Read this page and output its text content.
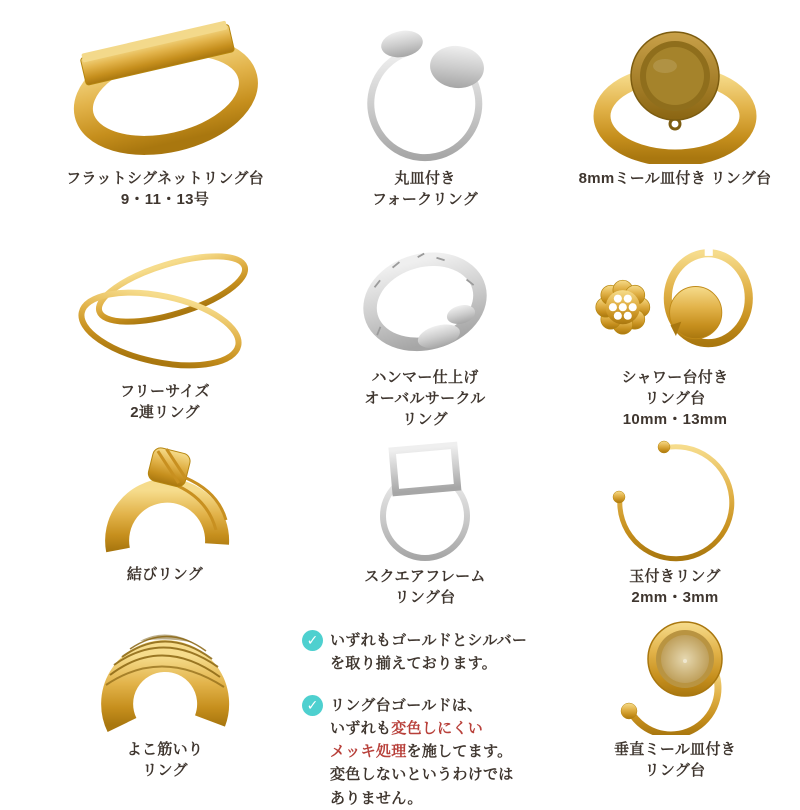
フラットシグネットリング台
9・11・13号
丸皿付き
フォークリング
8mmミール皿付き リング台
フリーサイズ
2連リング
ハンマー仕上げ
オーバルサークル
リング
シャワー台付き
リング台
10mm・13mm
結びリング	スクエアフレーム
リング台
玉付きリング
2mm・3mm
よこ筋いり
リング
✓ いずれもゴールドとシルバー
を取り揃えております。

✓ リング台ゴールドは、
いずれも変色しにくい
メッキ処理を施してます。
変色しないというわけでは
ありません。

垂直ミール皿付き
リング台
